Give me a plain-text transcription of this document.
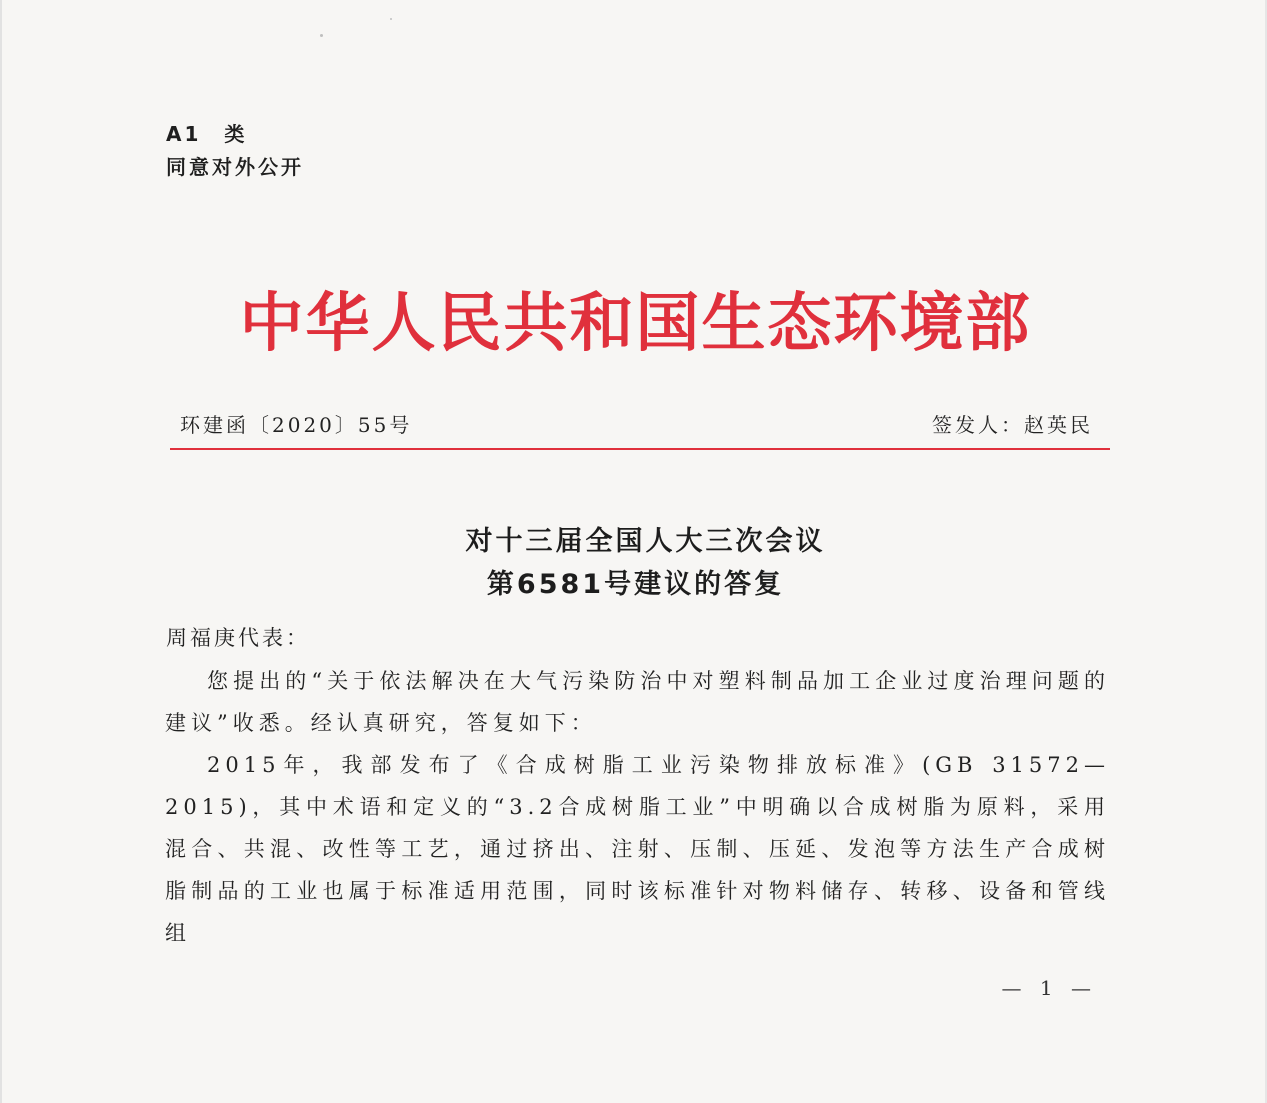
A1　类
同意对外公开
中华人民共和国生态环境部
环建函〔2020〕55号	签发人：赵英民
对十三届全国人大三次会议
第6581号建议的答复
周福庚代表：

您提出的“关于依法解决在大气污染防治中对塑料制品加工企业过度治理问题的建议”收悉。经认真研究，答复如下：

2015年，我部发布了《合成树脂工业污染物排放标准》(GB 31572—2015)，其中术语和定义的“3.2合成树脂工业”中明确以合成树脂为原料，采用混合、共混、改性等工艺，通过挤出、注射、压制、压延、发泡等方法生产合成树脂制品的工业也属于标准适用范围，同时该标准针对物料储存、转移、设备和管线组

— 1 —
